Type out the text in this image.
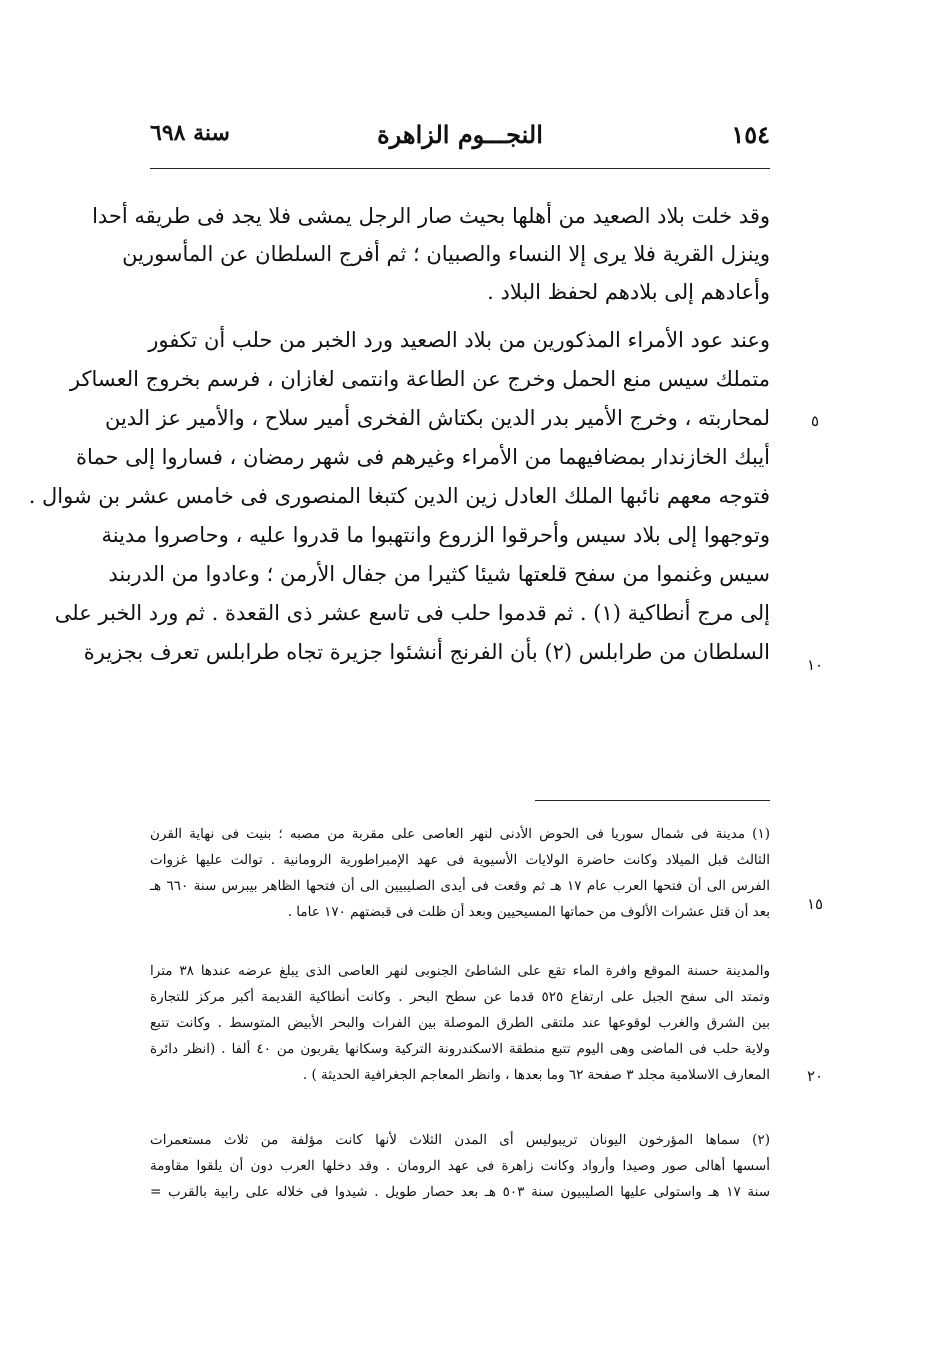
١٥٤
النجـــوم الزاهرة
سنة ٦٩٨
وقد خلت بلاد الصعيد من أهلها بحيث صار الرجل يمشى فلا يجد فى طريقه أحدا
وينزل القرية فلا يرى إلا النساء والصبيان ؛ ثم أفرج السلطان عن المأسورين
وأعادهم إلى بلادهم لحفظ البلاد .
وعند عود الأمراء المذكورين من بلاد الصعيد ورد الخبر من حلب أن تكفور
متملك سيس منع الحمل وخرج عن الطاعة وانتمى لغازان ، فرسم بخروج العساكر
لمحاربته ، وخرج الأمير بدر الدين بكتاش الفخرى أمير سلاح ، والأمير عز الدين
أيبك الخازندار بمضافيهما من الأمراء وغيرهم فى شهر رمضان ، فساروا إلى حماة
فتوجه معهم نائبها الملك العادل زين الدين كتبغا المنصورى فى خامس عشر بن شوال .
وتوجهوا إلى بلاد سيس وأحرقوا الزروع وانتهبوا ما قدروا عليه ، وحاصروا مدينة
سيس وغنموا من سفح قلعتها شيئا كثيرا من جفال الأرمن ؛ وعادوا من الدربند
إلى مرج أنطاكية (١) . ثم قدموا حلب فى تاسع عشر ذى القعدة . ثم ورد الخبر على
السلطان من طرابلس (٢) بأن الفرنج أنشئوا جزيرة تجاه طرابلس تعرف بجزيرة
٥
١٠
١٥
٢٠
(١) مدينة فى شمال سوريا فى الحوض الأدنى لنهر العاصى على مقربة من مصبه ؛ بنيت فى نهاية القرن
الثالث قبل الميلاد وكانت حاضرة الولايات الأسيوية فى عهد الإمبراطورية الرومانية . توالت عليها غزوات
الفرس الى أن فتحها العرب عام ١٧ هـ ثم وقعت فى أيدى الصليبيين الى أن فتحها الظاهر بيبرس سنة ٦٦٠ هـ
بعد أن قتل عشرات الألوف من حماتها المسيحيين وبعد أن ظلت فى قبضتهم ١٧٠ عاما .
والمدينة حسنة الموقع وافرة الماء تقع على الشاطئ الجنوبى لنهر العاصى الذى يبلغ عرضه عندها ٣٨ مترا
وتمتد الى سفح الجبل على ارتفاع ٥٢٥ قدما عن سطح البحر . وكانت أنطاكية القديمة أكبر مركز للتجارة
بين الشرق والغرب لوقوعها عند ملتقى الطرق الموصلة بين الفرات والبحر الأبيض المتوسط . وكانت تتبع
ولاية حلب فى الماضى وهى اليوم تتبع منطقة الاسكندرونة التركية وسكانها يقربون من ٤٠ ألفا . (انظر دائرة
المعارف الاسلامية مجلد ٣ صفحة ٦٢ وما بعدها ، وانظر المعاجم الجغرافية الحديثة ) .
(٢) سماها المؤرخون اليونان تريبوليس أى المدن الثلاث لأنها كانت مؤلفة من ثلاث مستعمرات
أسسها أهالى صور وصيدا وأرواد وكانت زاهرة فى عهد الرومان . وقد دخلها العرب دون أن يلقوا مقاومة
سنة ١٧ هـ واستولى عليها الصليبيون سنة ٥٠٣ هـ بعد حصار طويل . شيدوا فى خلاله على رابية بالقرب =
